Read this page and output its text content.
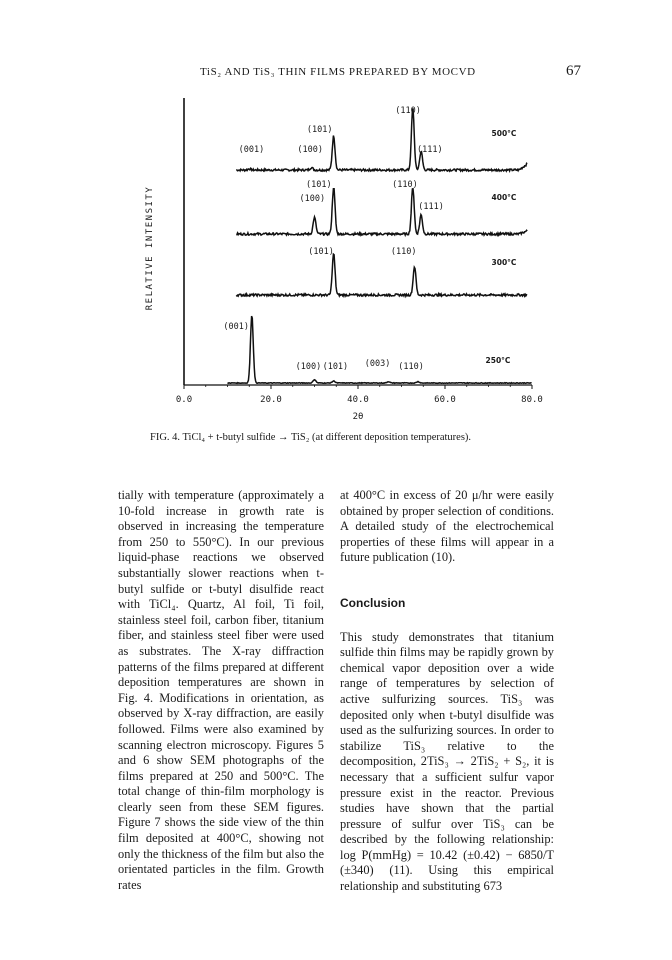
TiS₂ AND TiS₃ THIN FILMS PREPARED BY MOCVD	67
0.0	20.0	40.0	60.0	80.0
2θ
RELATIVE INTENSITY
500°C
(001)	(100)
(101)
(110)
(111)
400°C
(100)
(101)	(110)
(111)
300°C
(101)	(110)
250°C
(001)
(100) (101) (003) (110)
FIG. 4. TiCl₄ + t-butyl sulfide → TiS₂ (at different deposition temperatures).

tially with temperature (approximately a 10-fold increase in growth rate is observed in increasing the temperature from 250 to 550°C). In our previous liquid-phase reactions we observed substantially slower reactions when t-butyl sulfide or t-butyl disulfide react with TiCl₄. Quartz, Al foil, Ti foil, stainless steel foil, carbon fiber, titanium fiber, and stainless steel fiber were used as substrates. The X-ray diffraction patterns of the films prepared at different deposition temperatures are shown in Fig. 4. Modifications in orientation, as observed by X-ray diffraction, are easily followed. Films were also examined by scanning electron microscopy. Figures 5 and 6 show SEM photographs of the films prepared at 250 and 500°C. The total change of thin-film morphology is clearly seen from these SEM figures. Figure 7 shows the side view of the thin film deposited at 400°C, showing not only the thickness of the film but also the orientated particles in the film. Growth rates

at 400°C in excess of 20 μ/hr were easily obtained by proper selection of conditions. A detailed study of the electrochemical properties of these films will appear in a future publication (10).

Conclusion

This study demonstrates that titanium sulfide thin films may be rapidly grown by chemical vapor deposition over a wide range of temperatures by selection of active sulfurizing sources. TiS₃ was deposited only when t-butyl disulfide was used as the sulfurizing sources. In order to stabilize TiS₃ relative to the decomposition, 2TiS₃ → 2TiS₂ + S₂, it is necessary that a sufficient sulfur vapor pressure exist in the reactor. Previous studies have shown that the partial pressure of sulfur over TiS₃ can be described by the following relationship: log P(mmHg) = 10.42 (±0.42) − 6850/T (±340) (11). Using this empirical relationship and substituting 673
